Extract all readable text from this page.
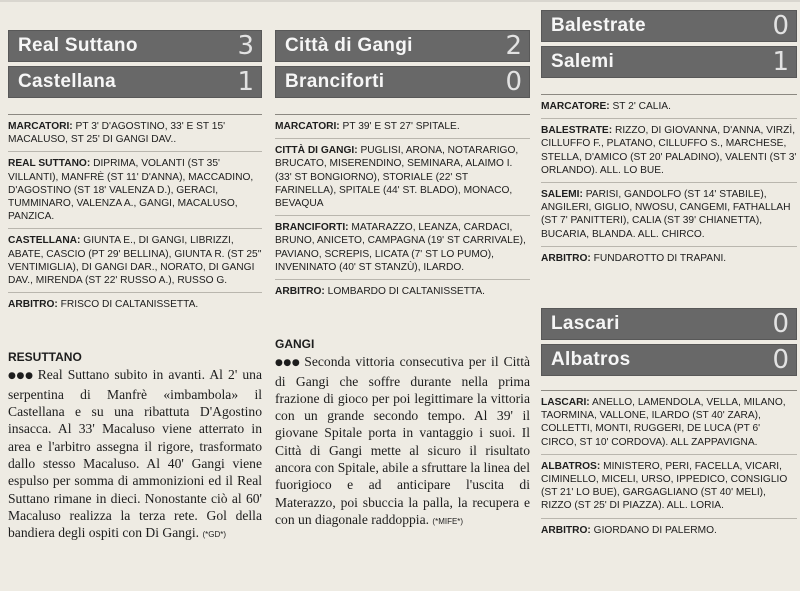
Real Suttano	3
Castellana	1
MARCATORI: PT 3' D'AGOSTINO, 33' E ST 15' MACALUSO, ST 25' DI GANGI DAV..
REAL SUTTANO: DIPRIMA, VOLANTI (ST 35' VILLANTI), MANFRÈ (ST 11' D'ANNA), MACCADINO, D'AGOSTINO (ST 18' VALENZA D.), GERACI, TUMMINARO, VALENZA A., GANGI, MACALUSO, PANZICA.
CASTELLANA: GIUNTA E., DI GANGI, LIBRIZZI, ABATE, CASCIO (PT 29' BELLINA), GIUNTA R. (ST 25'' VENTIMIGLIA), DI GANGI DAR., NORATO, DI GANGI DAV., MIRENDA (ST 22' RUSSO A.), RUSSO G.
ARBITRO: FRISCO DI CALTANISSETTA.
RESUTTANO
●●● Real Suttano subito in avanti. Al 2' una serpentina di Manfrè «imbambola» il Castellana e su una ribattuta D'Agostino insacca. Al 33' Macaluso viene atterrato in area e l'arbitro assegna il rigore, trasformato dallo stesso Macaluso. Al 40' Gangi viene espulso per somma di ammonizioni ed il Real Suttano rimane in dieci. Nonostante ciò al 60' Macaluso realizza la terza rete. Gol della bandiera degli ospiti con Di Gangi. (*GD*)
Città di Gangi	2
Branciforti	0
MARCATORI: PT 39' E ST 27' SPITALE.
CITTÀ DI GANGI: PUGLISI, ARONA, NOTARARIGO, BRUCATO, MISERENDINO, SEMINARA, ALAIMO I. (33' ST BONGIORNO), STORIALE (22' ST FARINELLA), SPITALE (44' ST. BLADO), MONACO, BEVAQUA
BRANCIFORTI: MATARAZZO, LEANZA, CARDACI, BRUNO, ANICETO, CAMPAGNA (19' ST CARRIVALE), PAVIANO, SCREPIS, LICATA (7' ST LO PUMO), INVENINATO (40' ST STANZÙ), ILARDO.
ARBITRO: LOMBARDO DI CALTANISSETTA.
GANGI
●●● Seconda vittoria consecutiva per il Città di Gangi che soffre durante nella prima frazione di gioco per poi legittimare la vittoria con un grande secondo tempo. Al 39' il giovane Spitale porta in vantaggio i suoi. Il Città di Gangi mette al sicuro il risultato ancora con Spitale, abile a sfruttare la linea del fuorigioco e ad anticipare l'uscita di Materazzo, poi sbuccia la palla, la recupera e con un diagonale raddoppia. (*MIFE*)
Balestrate	0
Salemi	1
MARCATORE: ST 2' CALIA.
BALESTRATE: RIZZO, DI GIOVANNA, D'ANNA, VIRZÌ, CILLUFFO F., PLATANO, CILLUFFO S., MARCHESE, STELLA, D'AMICO (ST 20' PALADINO), VALENTI (ST 3' ORLANDO). ALL. LO BUE.
SALEMI: PARISI, GANDOLFO (ST 14' STABILE), ANGILERI, GIGLIO, NWOSU, CANGEMI, FATHALLAH (ST 7' PANITTERI), CALIA (ST 39' CHIANETTA), BUCARIA, BLANDA. ALL. CHIRCO.
ARBITRO: FUNDAROTTO DI TRAPANI.
Lascari	0
Albatros	0
LASCARI: ANELLO, LAMENDOLA, VELLA, MILANO, TAORMINA, VALLONE, ILARDO (ST 40' ZARA), COLLETTI, MONTI, RUGGERI, DE LUCA (PT 6' CIRCO, ST 10' CORDOVA). ALL ZAPPAVIGNA.
ALBATROS: MINISTERO, PERI, FACELLA, VICARI, CIMINELLO, MICELI, URSO, IPPEDICO, CONSIGLIO (ST 21' LO BUE), GARGAGLIANO (ST 40' MELI), RIZZO (ST 25' DI PIAZZA). ALL. LORIA.
ARBITRO: GIORDANO DI PALERMO.
